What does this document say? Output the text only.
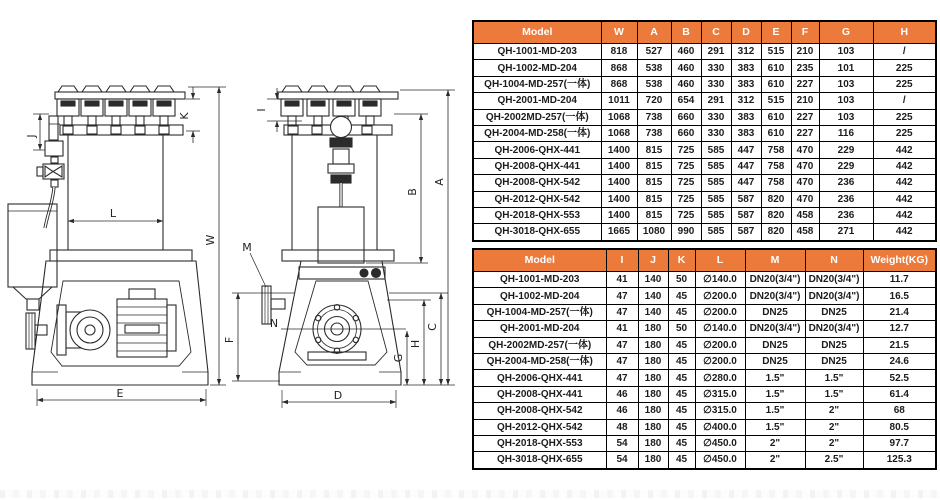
J
K
L
W
E
I
A
B
C
H
G
D
F
M
N
Model	W	A	B	C	D	E	F	G	H
QH-1001-MD-203	818	527	460	291	312	515	210	103	/
QH-1002-MD-204	868	538	460	330	383	610	235	101	225
QH-1004-MD-257(一体)	868	538	460	330	383	610	227	103	225
QH-2001-MD-204	1011	720	654	291	312	515	210	103	/
QH-2002MD-257(一体)	1068	738	660	330	383	610	227	103	225
QH-2004-MD-258(一体)	1068	738	660	330	383	610	227	116	225
QH-2006-QHX-441	1400	815	725	585	447	758	470	229	442
QH-2008-QHX-441	1400	815	725	585	447	758	470	229	442
QH-2008-QHX-542	1400	815	725	585	447	758	470	236	442
QH-2012-QHX-542	1400	815	725	585	587	820	470	236	442
QH-2018-QHX-553	1400	815	725	585	587	820	458	236	442
QH-3018-QHX-655	1665	1080	990	585	587	820	458	271	442
Model	I	J	K	L	M	N	Weight(KG)
QH-1001-MD-203	41	140	50	∅140.0	DN20(3/4")	DN20(3/4")	11.7
QH-1002-MD-204	47	140	45	∅200.0	DN20(3/4")	DN20(3/4")	16.5
QH-1004-MD-257(一体)	47	140	45	∅200.0	DN25	DN25	21.4
QH-2001-MD-204	41	180	50	∅140.0	DN20(3/4")	DN20(3/4")	12.7
QH-2002MD-257(一体)	47	180	45	∅200.0	DN25	DN25	21.5
QH-2004-MD-258(一体)	47	180	45	∅200.0	DN25	DN25	24.6
QH-2006-QHX-441	47	180	45	∅280.0	1.5"	1.5"	52.5
QH-2008-QHX-441	46	180	45	∅315.0	1.5"	1.5"	61.4
QH-2008-QHX-542	46	180	45	∅315.0	1.5"	2"	68
QH-2012-QHX-542	48	180	45	∅400.0	1.5"	2"	80.5
QH-2018-QHX-553	54	180	45	∅450.0	2"	2"	97.7
QH-3018-QHX-655	54	180	45	∅450.0	2"	2.5"	125.3
